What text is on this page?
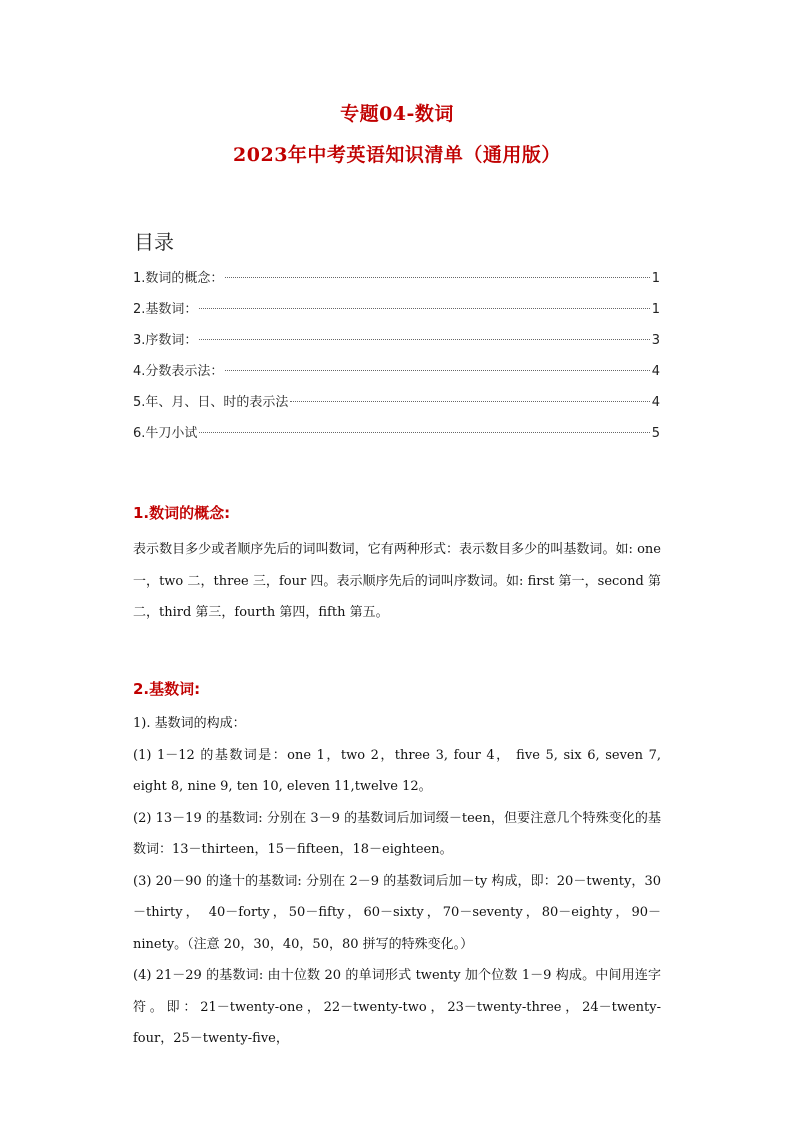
专题04-数词
2023年中考英语知识清单（通用版）
目录
1.数词的概念：	1
2.基数词：	1
3.序数词：	3
4.分数表示法：	4
5.年、月、日、时的表示法	4
6.牛刀小试	5
1.数词的概念:

表示数目多少或者顺序先后的词叫数词，它有两种形式：表示数目多少的叫基数词。如: one 一，two 二，three 三，four 四。表示顺序先后的词叫序数词。如: first 第一，second 第二，third 第三，fourth 第四，fifth 第五。

2.基数词:

1). 基数词的构成：

(1) 1－12 的基数词是：one 1，two 2，three 3, four 4， five 5, six 6, seven 7, eight 8, nine 9, ten 10, eleven 11,twelve 12。

(2) 13－19 的基数词: 分别在 3－9 的基数词后加词缀－teen，但要注意几个特殊变化的基数词：13－thirteen，15－fifteen，18－eighteen。

(3) 20－90 的逢十的基数词: 分别在 2－9 的基数词后加－ty 构成，即：20－twenty，30－thirty， 40－forty，50－fifty，60－sixty，70－seventy，80－eighty，90－ninety。（注意 20，30，40，50，80 拼写的特殊变化。）

(4) 21－29 的基数词: 由十位数 20 的单词形式 twenty 加个位数 1－9 构成。中间用连字符。即：21－twenty-one，22－twenty-two，23－twenty-three，24－twenty-four，25－twenty-five，
